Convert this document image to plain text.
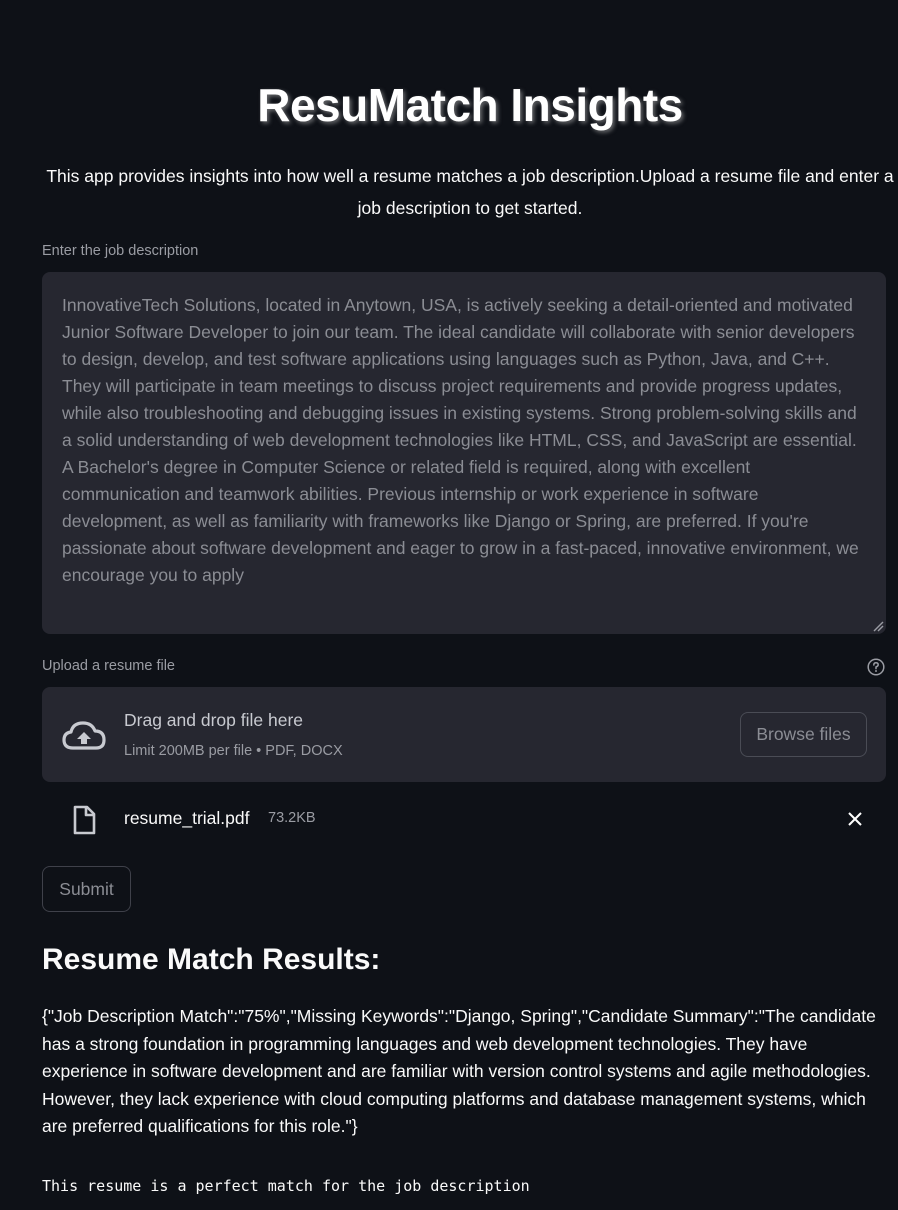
ResuMatch Insights

This app provides insights into how well a resume matches a job description.Upload a resume file and enter a job description to get started.

Enter the job description
InnovativeTech Solutions, located in Anytown, USA, is actively seeking a detail-oriented and motivated Junior Software Developer to join our team. The ideal candidate will collaborate with senior developers to design, develop, and test software applications using languages such as Python, Java, and C++. They will participate in team meetings to discuss project requirements and provide progress updates, while also troubleshooting and debugging issues in existing systems. Strong problem-solving skills and a solid understanding of web development technologies like HTML, CSS, and JavaScript are essential. A Bachelor's degree in Computer Science or related field is required, along with excellent communication and teamwork abilities. Previous internship or work experience in software development, as well as familiarity with frameworks like Django or Spring, are preferred. If you're passionate about software development and eager to grow in a fast-paced, innovative environment, we encourage you to apply
Upload a resume file
Drag and drop file here
Limit 200MB per file • PDF, DOCX
Browse files
resume_trial.pdf 73.2KB
Submit
Resume Match Results:

{"Job Description Match":"75%","Missing Keywords":"Django, Spring","Candidate Summary":"The candidate has a strong foundation in programming languages and web development technologies. They have experience in software development and are familiar with version control systems and agile methodologies. However, they lack experience with cloud computing platforms and database management systems, which are preferred qualifications for this role."}

This resume is a perfect match for the job description
